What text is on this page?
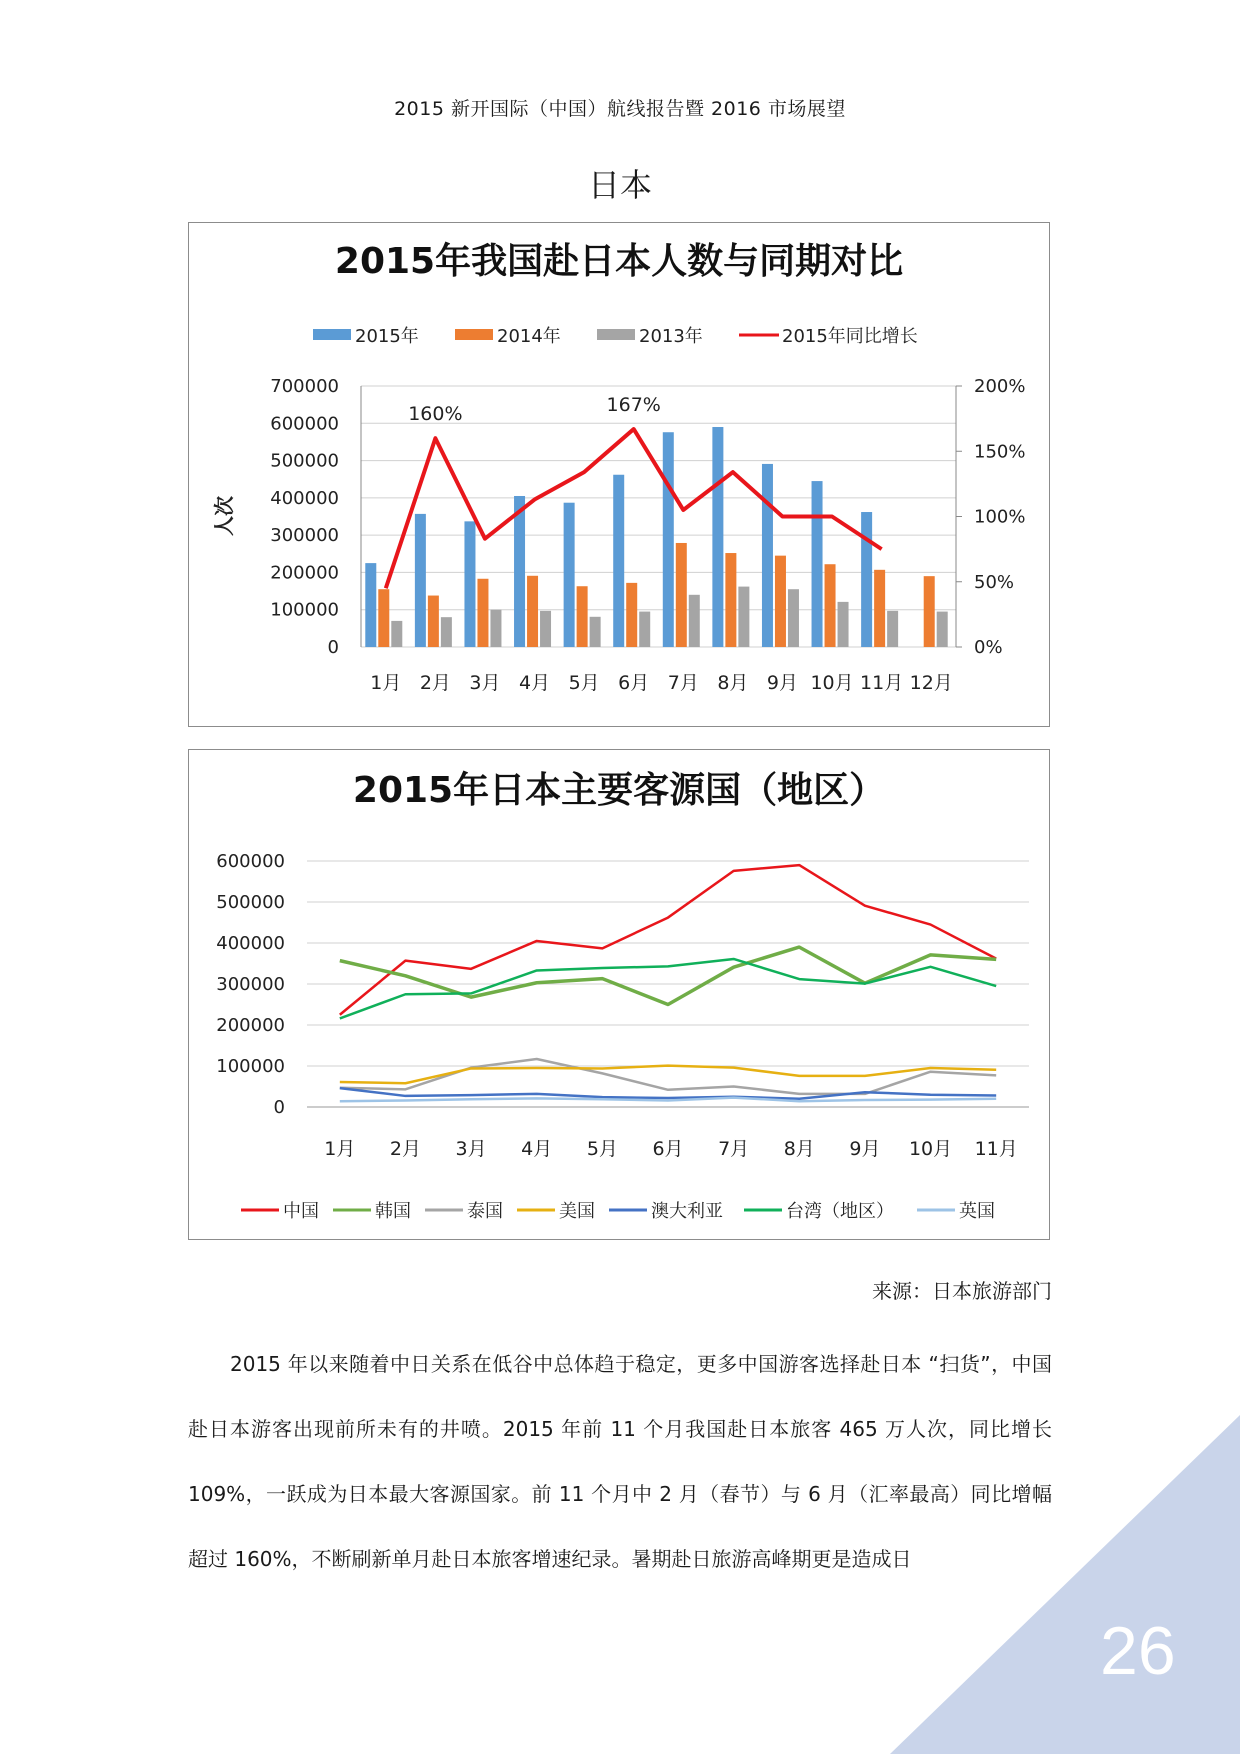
2015 新开国际（中国）航线报告暨 2016 市场展望
日本
2015年我国赴日本人数与同期对比
2015年	2014年	2013年	2015年同比增长
700000
600000
500000
400000
300000
200000
100000
0
200%
150%
100%
50%
0%
人次
160%	167%
1月 2月 3月 4月 5月 6月 7月 8月 9月 10月 11月 12月
2015年日本主要客源国（地区）
600000
500000
400000
300000
200000
100000
0
1月 2月 3月 4月 5月 6月 7月 8月 9月 10月 11月
中国	韩国	泰国	美国	澳大利亚	台湾（地区）	英国
来源：日本旅游部门

2015 年以来随着中日关系在低谷中总体趋于稳定，更多中国游客选择赴日本 “扫货”，中国赴日本游客出现前所未有的井喷。2015 年前 11 个月我国赴日本旅客 465 万人次，同比增长 109%，一跃成为日本最大客源国家。前 11 个月中 2 月（春节）与 6 月（汇率最高）同比增幅超过 160%，不断刷新单月赴日本旅客增速纪录。暑期赴日旅游高峰期更是造成日

26
